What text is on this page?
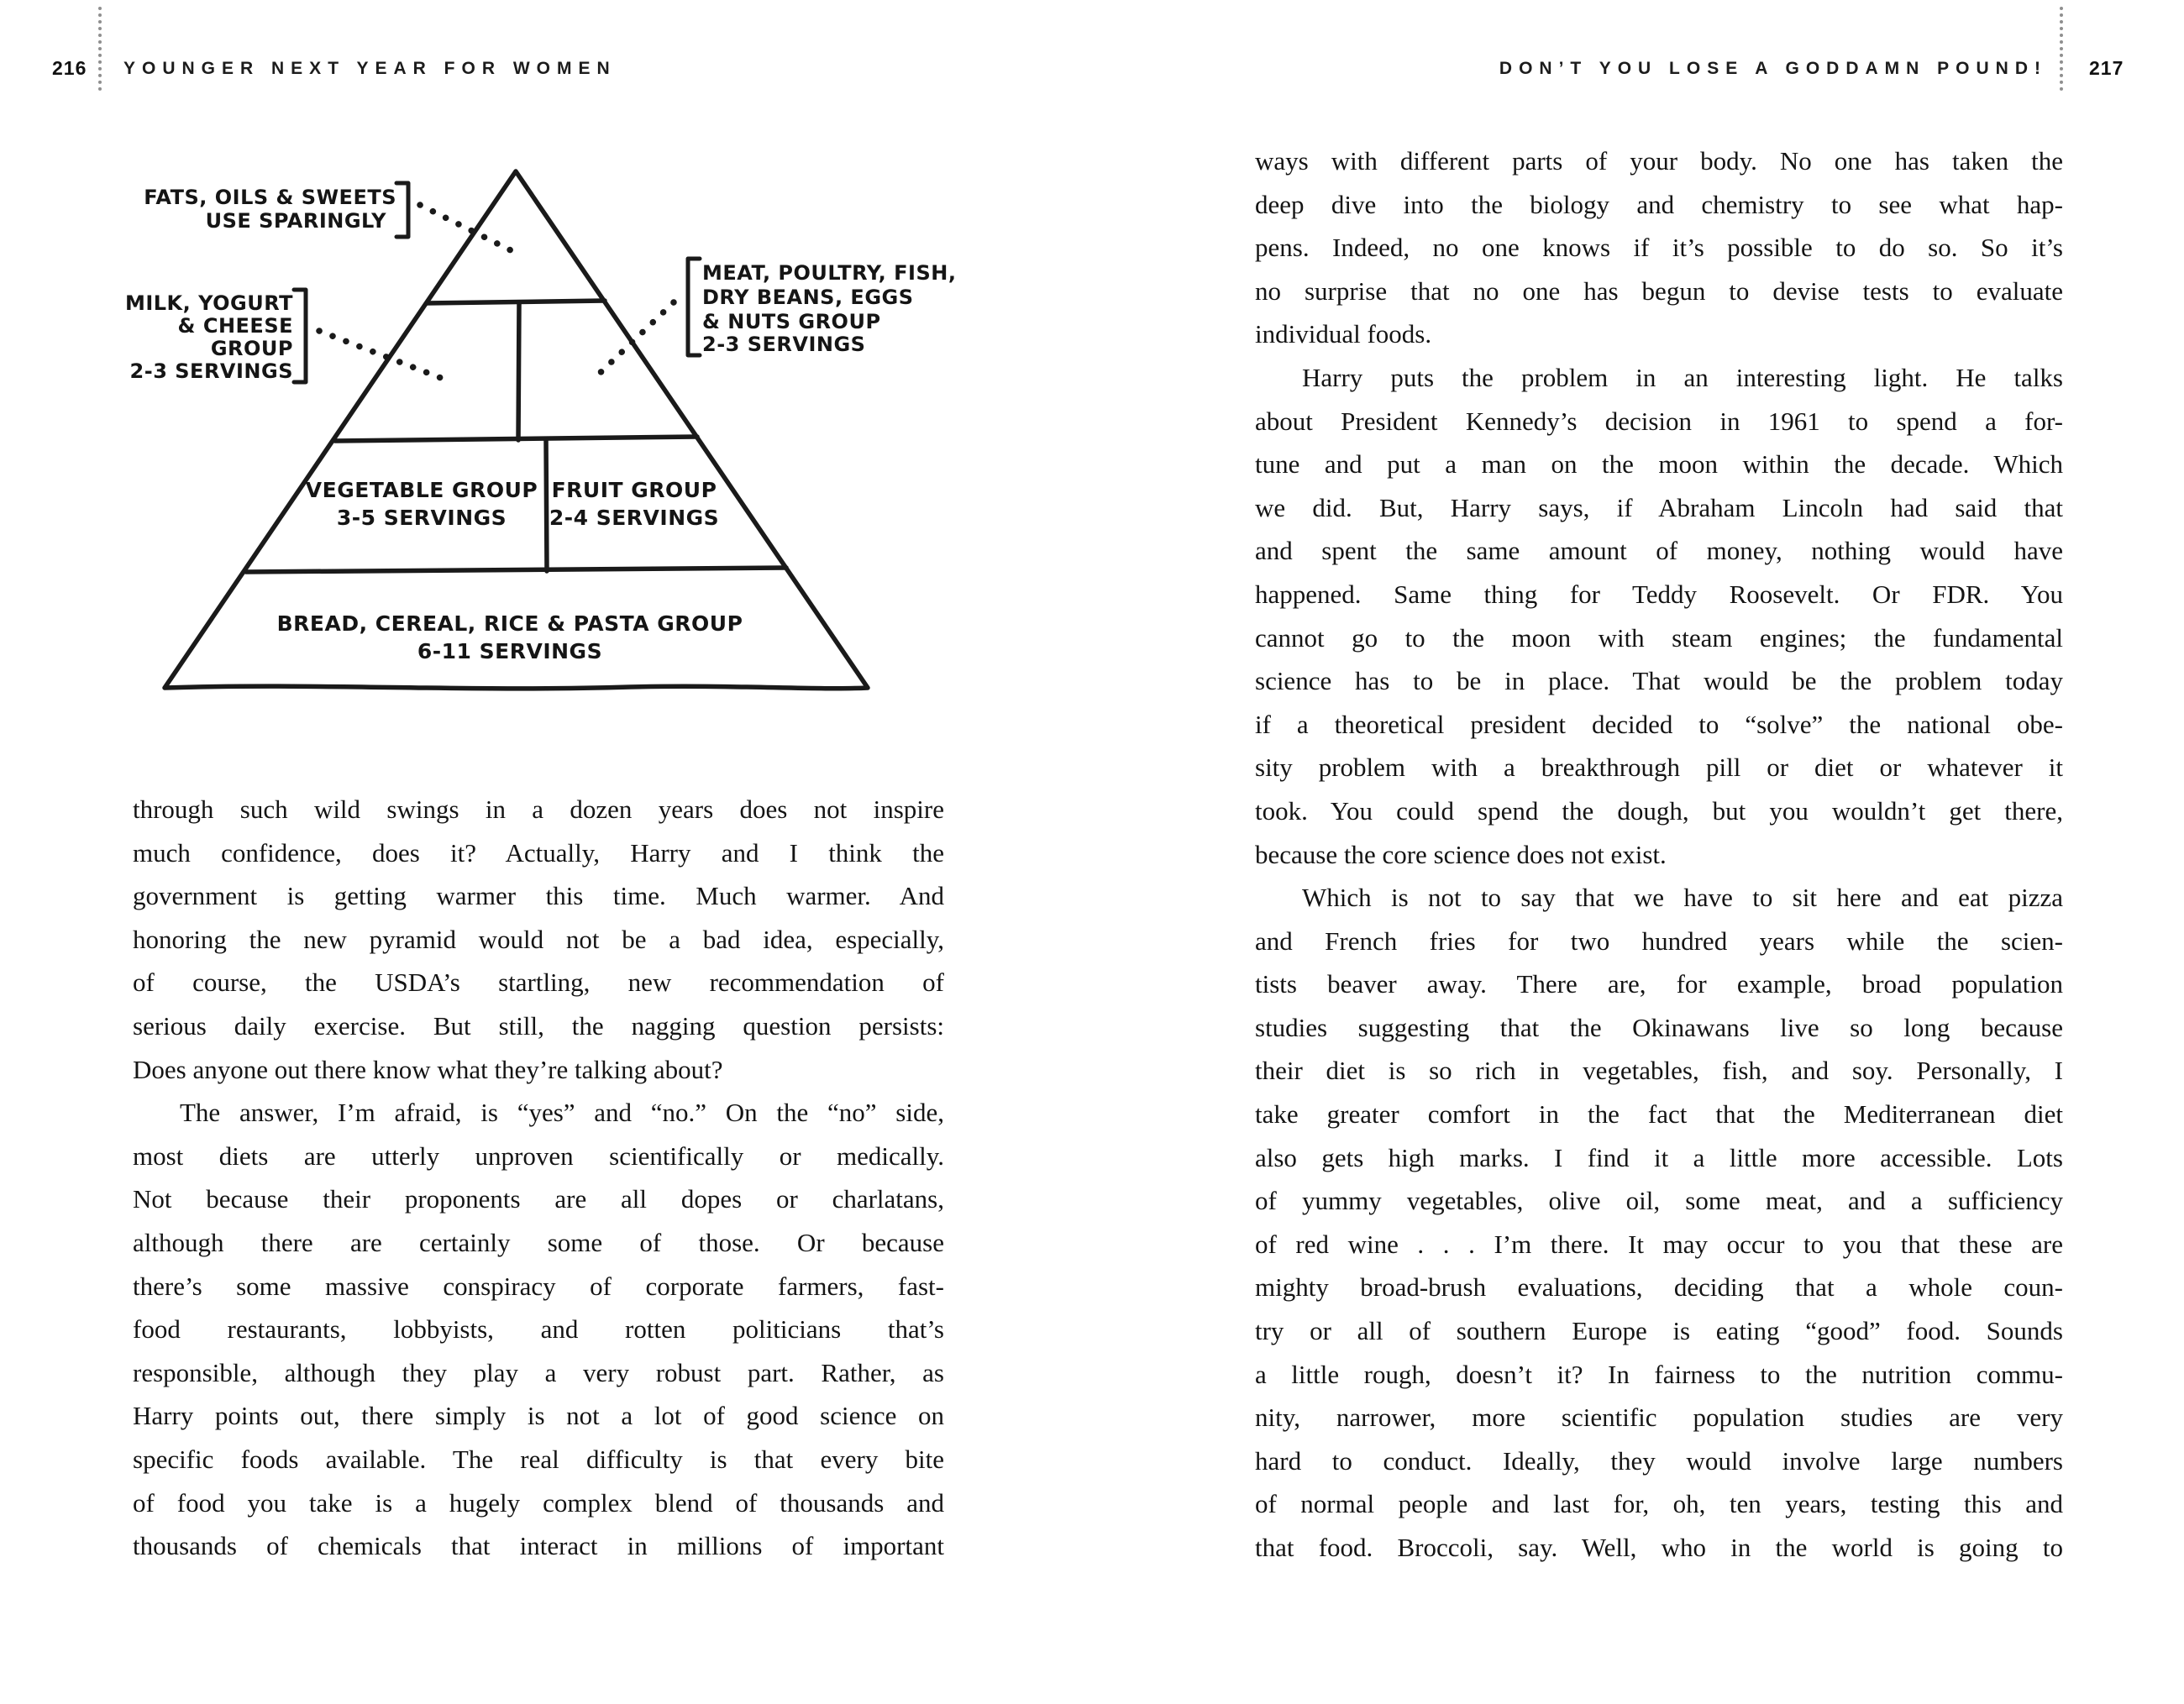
216 YOUNGER NEXT YEAR FOR WOMEN	DON’T YOU LOSE A GODDAMN POUND! 217
FATS, OILS & SWEETS
USE SPARINGLY
MILK, YOGURT
& CHEESE
GROUP
2-3 SERVINGS
MEAT, POULTRY, FISH,
DRY BEANS, EGGS
& NUTS GROUP
2-3 SERVINGS
VEGETABLE GROUP
3-5 SERVINGS
FRUIT GROUP
2-4 SERVINGS
BREAD, CEREAL, RICE & PASTA GROUP
6-11 SERVINGS
through such wild swings in a dozen years does not inspire
much confidence, does it? Actually, Harry and I think the
government is getting warmer this time. Much warmer. And
honoring the new pyramid would not be a bad idea, especially,
of course, the USDA’s startling, new recommendation of
serious daily exercise. But still, the nagging question persists:
Does anyone out there know what they’re talking about?
The answer, I’m afraid, is “yes” and “no.” On the “no” side,
most diets are utterly unproven scientifically or medically.
Not because their proponents are all dopes or charlatans,
although there are certainly some of those. Or because
there’s some massive conspiracy of corporate farmers, fast-
food restaurants, lobbyists, and rotten politicians that’s
responsible, although they play a very robust part. Rather, as
Harry points out, there simply is not a lot of good science on
specific foods available. The real difficulty is that every bite
of food you take is a hugely complex blend of thousands and
thousands of chemicals that interact in millions of important
ways with different parts of your body. No one has taken the
deep dive into the biology and chemistry to see what hap-
pens. Indeed, no one knows if it’s possible to do so. So it’s
no surprise that no one has begun to devise tests to evaluate
individual foods.
Harry puts the problem in an interesting light. He talks
about President Kennedy’s decision in 1961 to spend a for-
tune and put a man on the moon within the decade. Which
we did. But, Harry says, if Abraham Lincoln had said that
and spent the same amount of money, nothing would have
happened. Same thing for Teddy Roosevelt. Or FDR. You
cannot go to the moon with steam engines; the fundamental
science has to be in place. That would be the problem today
if a theoretical president decided to “solve” the national obe-
sity problem with a breakthrough pill or diet or whatever it
took. You could spend the dough, but you wouldn’t get there,
because the core science does not exist.
Which is not to say that we have to sit here and eat pizza
and French fries for two hundred years while the scien-
tists beaver away. There are, for example, broad population
studies suggesting that the Okinawans live so long because
their diet is so rich in vegetables, fish, and soy. Personally, I
take greater comfort in the fact that the Mediterranean diet
also gets high marks. I find it a little more accessible. Lots
of yummy vegetables, olive oil, some meat, and a sufficiency
of red wine . . . I’m there. It may occur to you that these are
mighty broad-brush evaluations, deciding that a whole coun-
try or all of southern Europe is eating “good” food. Sounds
a little rough, doesn’t it? In fairness to the nutrition commu-
nity, narrower, more scientific population studies are very
hard to conduct. Ideally, they would involve large numbers
of normal people and last for, oh, ten years, testing this and
that food. Broccoli, say. Well, who in the world is going to
